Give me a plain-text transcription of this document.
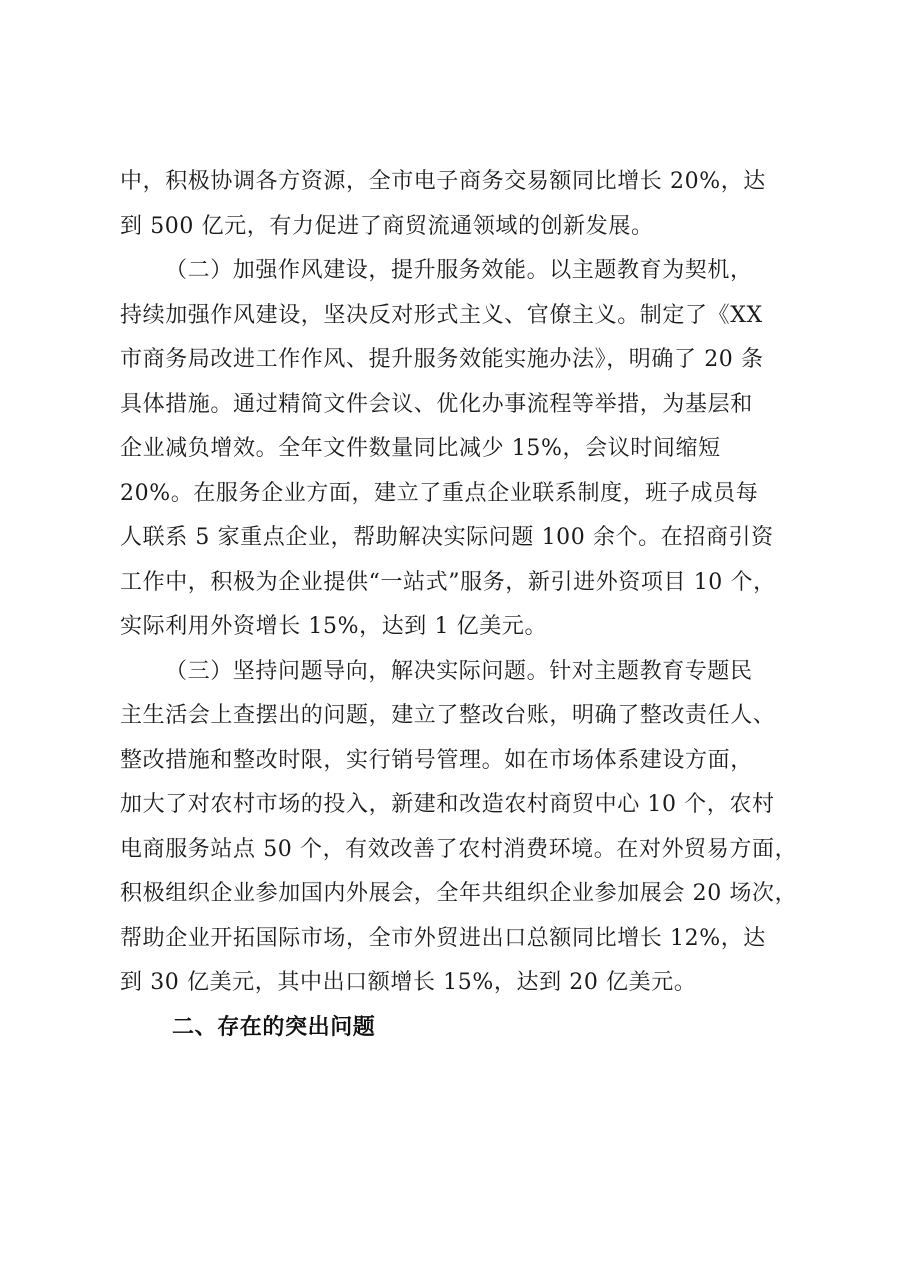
中，积极协调各方资源，全市电子商务交易额同比增长 20%，达
到 500 亿元，有力促进了商贸流通领域的创新发展。
（二）加强作风建设，提升服务效能。以主题教育为契机，
持续加强作风建设，坚决反对形式主义、官僚主义。制定了《XX
市商务局改进工作作风、提升服务效能实施办法》，明确了 20 条
具体措施。通过精简文件会议、优化办事流程等举措，为基层和
企业减负增效。全年文件数量同比减少 15%，会议时间缩短
20%。在服务企业方面，建立了重点企业联系制度，班子成员每
人联系 5 家重点企业，帮助解决实际问题 100 余个。在招商引资
工作中，积极为企业提供“一站式”服务，新引进外资项目 10 个，
实际利用外资增长 15%，达到 1 亿美元。
（三）坚持问题导向，解决实际问题。针对主题教育专题民
主生活会上查摆出的问题，建立了整改台账，明确了整改责任人、
整改措施和整改时限，实行销号管理。如在市场体系建设方面，
加大了对农村市场的投入，新建和改造农村商贸中心 10 个，农村
电商服务站点 50 个，有效改善了农村消费环境。在对外贸易方面，
积极组织企业参加国内外展会，全年共组织企业参加展会 20 场次，
帮助企业开拓国际市场，全市外贸进出口总额同比增长 12%，达
到 30 亿美元，其中出口额增长 15%，达到 20 亿美元。
二、存在的突出问题
